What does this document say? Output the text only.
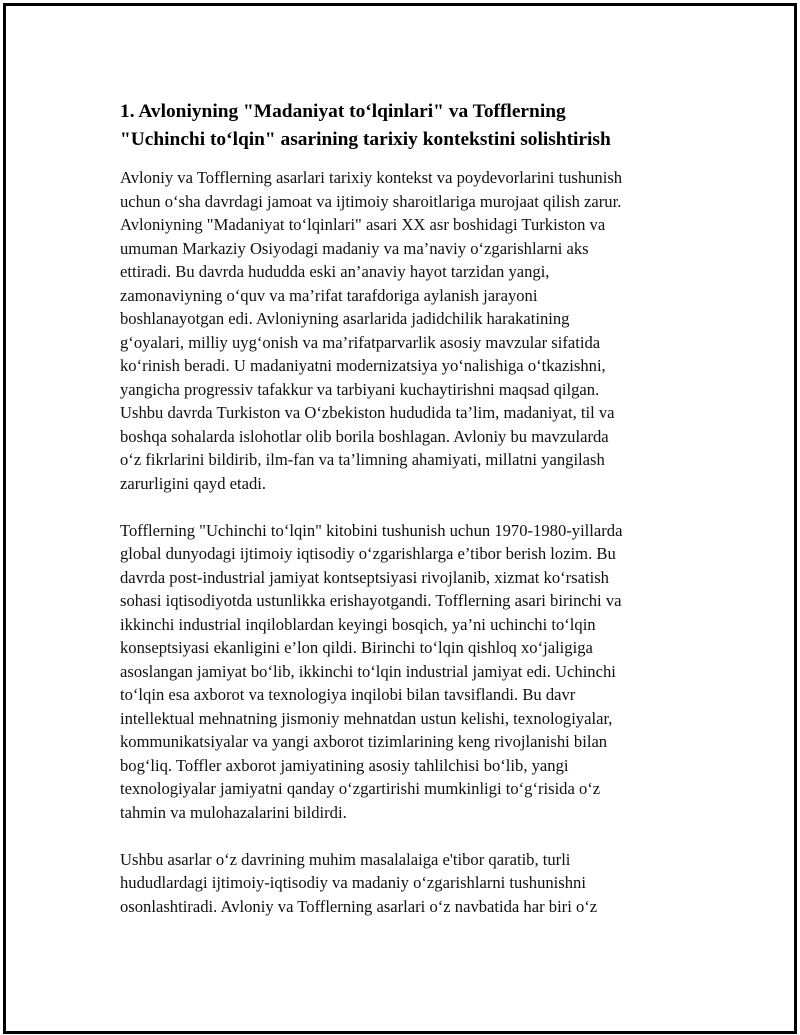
1. Avloniyning "Madaniyat to‘lqinlari" va Tofflerning
"Uchinchi to‘lqin" asarining tarixiy kontekstini solishtirish

Avloniy va Tofflerning asarlari tarixiy kontekst va poydevorlarini tushunish
uchun o‘sha davrdagi jamoat va ijtimoiy sharoitlariga murojaat qilish zarur.
Avloniyning "Madaniyat to‘lqinlari" asari XX asr boshidagi Turkiston va
umuman Markaziy Osiyodagi madaniy va ma’naviy o‘zgarishlarni aks
ettiradi. Bu davrda hududda eski an’anaviy hayot tarzidan yangi,
zamonaviyning o‘quv va ma’rifat tarafdoriga aylanish jarayoni
boshlanayotgan edi. Avloniyning asarlarida jadidchilik harakatining
g‘oyalari, milliy uyg‘onish va ma’rifatparvarlik asosiy mavzular sifatida
ko‘rinish beradi. U madaniyatni modernizatsiya yo‘nalishiga o‘tkazishni,
yangicha progressiv tafakkur va tarbiyani kuchaytirishni maqsad qilgan.
Ushbu davrda Turkiston va O‘zbekiston hududida ta’lim, madaniyat, til va
boshqa sohalarda islohotlar olib borila boshlagan. Avloniy bu mavzularda
o‘z fikrlarini bildirib, ilm-fan va ta’limning ahamiyati, millatni yangilash
zarurligini qayd etadi.

Tofflerning "Uchinchi to‘lqin" kitobini tushunish uchun 1970-1980-yillarda
global dunyodagi ijtimoiy iqtisodiy o‘zgarishlarga e’tibor berish lozim. Bu
davrda post-industrial jamiyat kontseptsiyasi rivojlanib, xizmat ko‘rsatish
sohasi iqtisodiyotda ustunlikka erishayotgandi. Tofflerning asari birinchi va
ikkinchi industrial inqiloblardan keyingi bosqich, ya’ni uchinchi to‘lqin
konseptsiyasi ekanligini e’lon qildi. Birinchi to‘lqin qishloq xo‘jaligiga
asoslangan jamiyat bo‘lib, ikkinchi to‘lqin industrial jamiyat edi. Uchinchi
to‘lqin esa axborot va texnologiya inqilobi bilan tavsiflandi. Bu davr
intellektual mehnatning jismoniy mehnatdan ustun kelishi, texnologiyalar,
kommunikatsiyalar va yangi axborot tizimlarining keng rivojlanishi bilan
bog‘liq. Toffler axborot jamiyatining asosiy tahlilchisi bo‘lib, yangi
texnologiyalar jamiyatni qanday o‘zgartirishi mumkinligi to‘g‘risida o‘z
tahmin va mulohazalarini bildirdi.

Ushbu asarlar o‘z davrining muhim masalalaiga e'tibor qaratib, turli
hududlardagi ijtimoiy-iqtisodiy va madaniy o‘zgarishlarni tushunishni
osonlashtiradi. Avloniy va Tofflerning asarlari o‘z navbatida har biri o‘z
